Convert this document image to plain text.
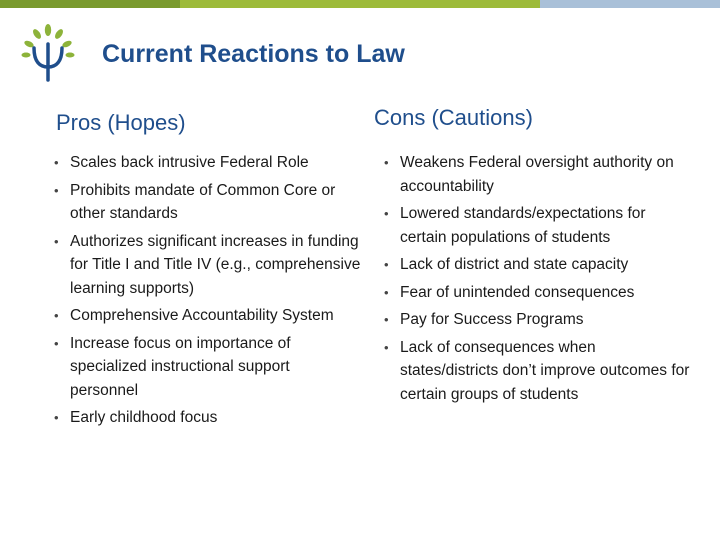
Current Reactions to Law
Pros (Hopes)	Cons (Cautions)
• Scales back intrusive Federal Role
• Prohibits mandate of Common Core or other standards
• Authorizes significant increases in funding for Title I and Title IV (e.g., comprehensive learning supports)
• Comprehensive Accountability System
• Increase focus on importance of specialized instructional support personnel
• Early childhood focus
• Weakens Federal oversight authority on accountability
• Lowered standards/expectations for certain populations of students
• Lack of district and state capacity
• Fear of unintended consequences
• Pay for Success Programs
• Lack of consequences when states/districts don’t improve outcomes for certain groups of students
